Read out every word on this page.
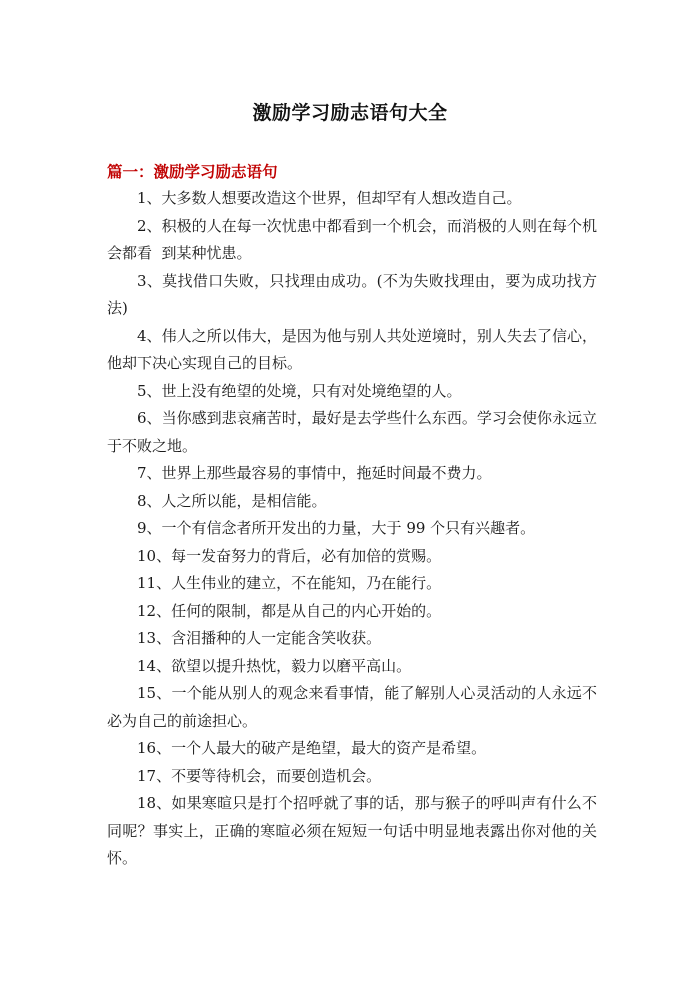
激励学习励志语句大全
篇一：激励学习励志语句

1、大多数人想要改造这个世界，但却罕有人想改造自己。

2、积极的人在每一次忧患中都看到一个机会，而消极的人则在每个机会都看  到某种忧患。

3、莫找借口失败，只找理由成功。(不为失败找理由，要为成功找方法)

4、伟人之所以伟大，是因为他与别人共处逆境时，别人失去了信心，他却下决心实现自己的目标。

5、世上没有绝望的处境，只有对处境绝望的人。

6、当你感到悲哀痛苦时，最好是去学些什么东西。学习会使你永远立于不败之地。

7、世界上那些最容易的事情中，拖延时间最不费力。

8、人之所以能，是相信能。

9、一个有信念者所开发出的力量，大于 99 个只有兴趣者。

10、每一发奋努力的背后，必有加倍的赏赐。

11、人生伟业的建立，不在能知，乃在能行。

12、任何的限制，都是从自己的内心开始的。

13、含泪播种的人一定能含笑收获。

14、欲望以提升热忱，毅力以磨平高山。

15、一个能从别人的观念来看事情，能了解别人心灵活动的人永远不必为自己的前途担心。

16、一个人最大的破产是绝望，最大的资产是希望。

17、不要等待机会，而要创造机会。

18、如果寒暄只是打个招呼就了事的话，那与猴子的呼叫声有什么不同呢？事实上，正确的寒暄必须在短短一句话中明显地表露出你对他的关怀。
